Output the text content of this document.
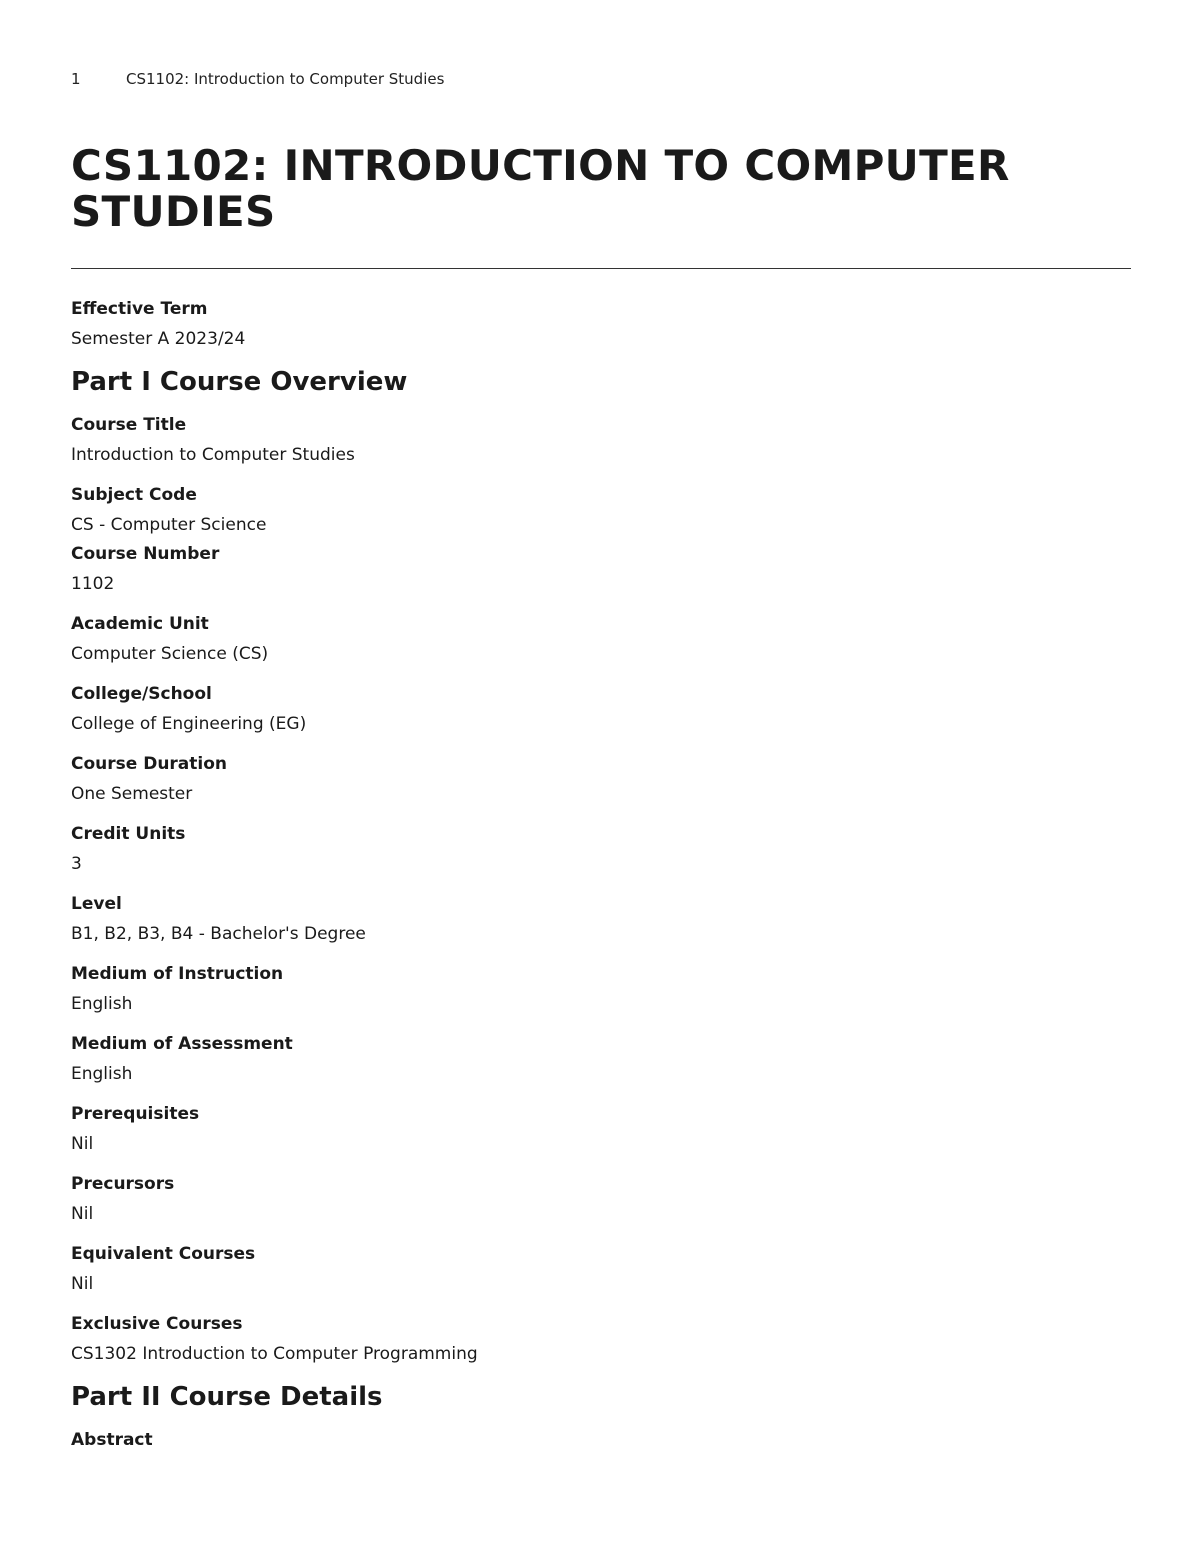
1	CS1102: Introduction to Computer Studies
CS1102: INTRODUCTION TO COMPUTER STUDIES

Effective Term

Semester A 2023/24

Part I Course Overview

Course Title

Introduction to Computer Studies

Subject Code

CS - Computer Science

Course Number

1102

Academic Unit

Computer Science (CS)

College/School

College of Engineering (EG)

Course Duration

One Semester

Credit Units

3

Level

B1, B2, B3, B4 - Bachelor's Degree

Medium of Instruction

English

Medium of Assessment

English

Prerequisites

Nil

Precursors

Nil

Equivalent Courses

Nil

Exclusive Courses

CS1302 Introduction to Computer Programming

Part II Course Details

Abstract
